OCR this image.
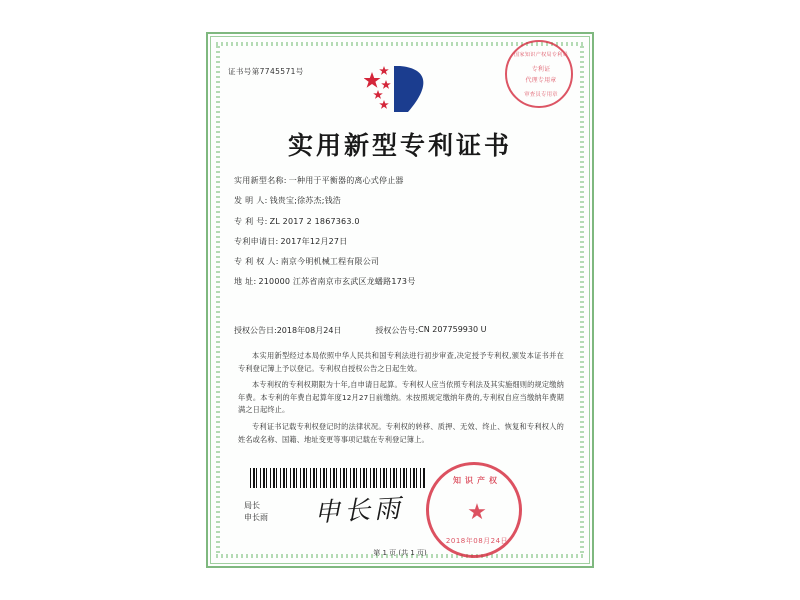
证书号第7745571号
实用新型专利证书
实用新型名称: 一种用于平衡器的离心式停止器
发 明 人: 钱贵宝;徐苏杰;钱浩
专 利 号: ZL 2017 2 1867363.0
专利申请日: 2017年12月27日
专 利 权 人: 南京今明机械工程有限公司
地 址: 210000 江苏省南京市玄武区龙蟠路173号
授权公告日: 2018年08月24日	授权公告号: CN 207759930 U

本实用新型经过本局依照中华人民共和国专利法进行初步审查,决定授予专利权,颁发本证书并在专利登记簿上予以登记。专利权自授权公告之日起生效。

本专利权的专利权期限为十年,自申请日起算。专利权人应当依照专利法及其实施细则的规定缴纳年费。本专利的年费自起算年度12月27日前缴纳。未按照规定缴纳年费的,专利权自应当缴纳年费期满之日起终止。

专利证书记载专利权登记时的法律状况。专利权的转移、质押、无效、终止、恢复和专利权人的姓名或名称、国籍、地址变更等事项记载在专利登记簿上。

局长
申长雨 申长雨
第 1 页 (共 1 页)
国家知识产权局专利局
专利证
代理专用章
审查员专用章
知识产权
★
2018年08月24日
